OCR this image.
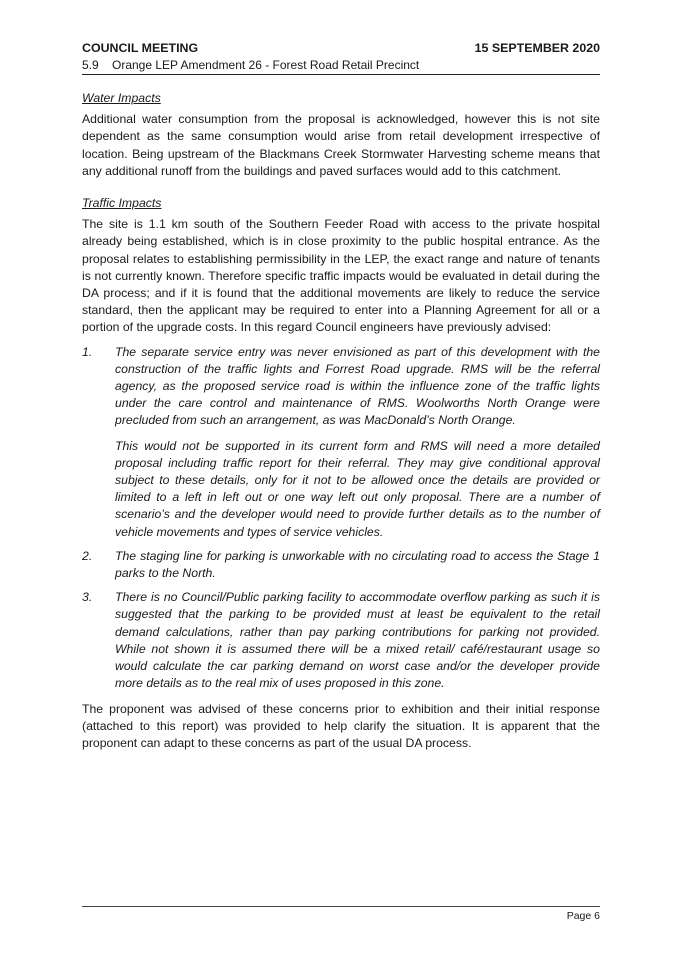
COUNCIL MEETING	15 SEPTEMBER 2020
5.9 Orange LEP Amendment 26 - Forest Road Retail Precinct

Water Impacts

Additional water consumption from the proposal is acknowledged, however this is not site dependent as the same consumption would arise from retail development irrespective of location. Being upstream of the Blackmans Creek Stormwater Harvesting scheme means that any additional runoff from the buildings and paved surfaces would add to this catchment.

Traffic Impacts

The site is 1.1 km south of the Southern Feeder Road with access to the private hospital already being established, which is in close proximity to the public hospital entrance. As the proposal relates to establishing permissibility in the LEP, the exact range and nature of tenants is not currently known. Therefore specific traffic impacts would be evaluated in detail during the DA process; and if it is found that the additional movements are likely to reduce the service standard, then the applicant may be required to enter into a Planning Agreement for all or a portion of the upgrade costs. In this regard Council engineers have previously advised:

1.	The separate service entry was never envisioned as part of this development with the construction of the traffic lights and Forrest Road upgrade. RMS will be the referral agency, as the proposed service road is within the influence zone of the traffic lights under the care control and maintenance of RMS. Woolworths North Orange were precluded from such an arrangement, as was MacDonald’s North Orange.

This would not be supported in its current form and RMS will need a more detailed proposal including traffic report for their referral. They may give conditional approval subject to these details, only for it not to be allowed once the details are provided or limited to a left in left out or one way left out only proposal. There are a number of scenario’s and the developer would need to provide further details as to the number of vehicle movements and types of service vehicles.

2.	The staging line for parking is unworkable with no circulating road to access the Stage 1 parks to the North.

3.	There is no Council/Public parking facility to accommodate overflow parking as such it is suggested that the parking to be provided must at least be equivalent to the retail demand calculations, rather than pay parking contributions for parking not provided. While not shown it is assumed there will be a mixed retail/ café/restaurant usage so would calculate the car parking demand on worst case and/or the developer provide more details as to the real mix of uses proposed in this zone.

The proponent was advised of these concerns prior to exhibition and their initial response (attached to this report) was provided to help clarify the situation. It is apparent that the proponent can adapt to these concerns as part of the usual DA process.

Page 6
